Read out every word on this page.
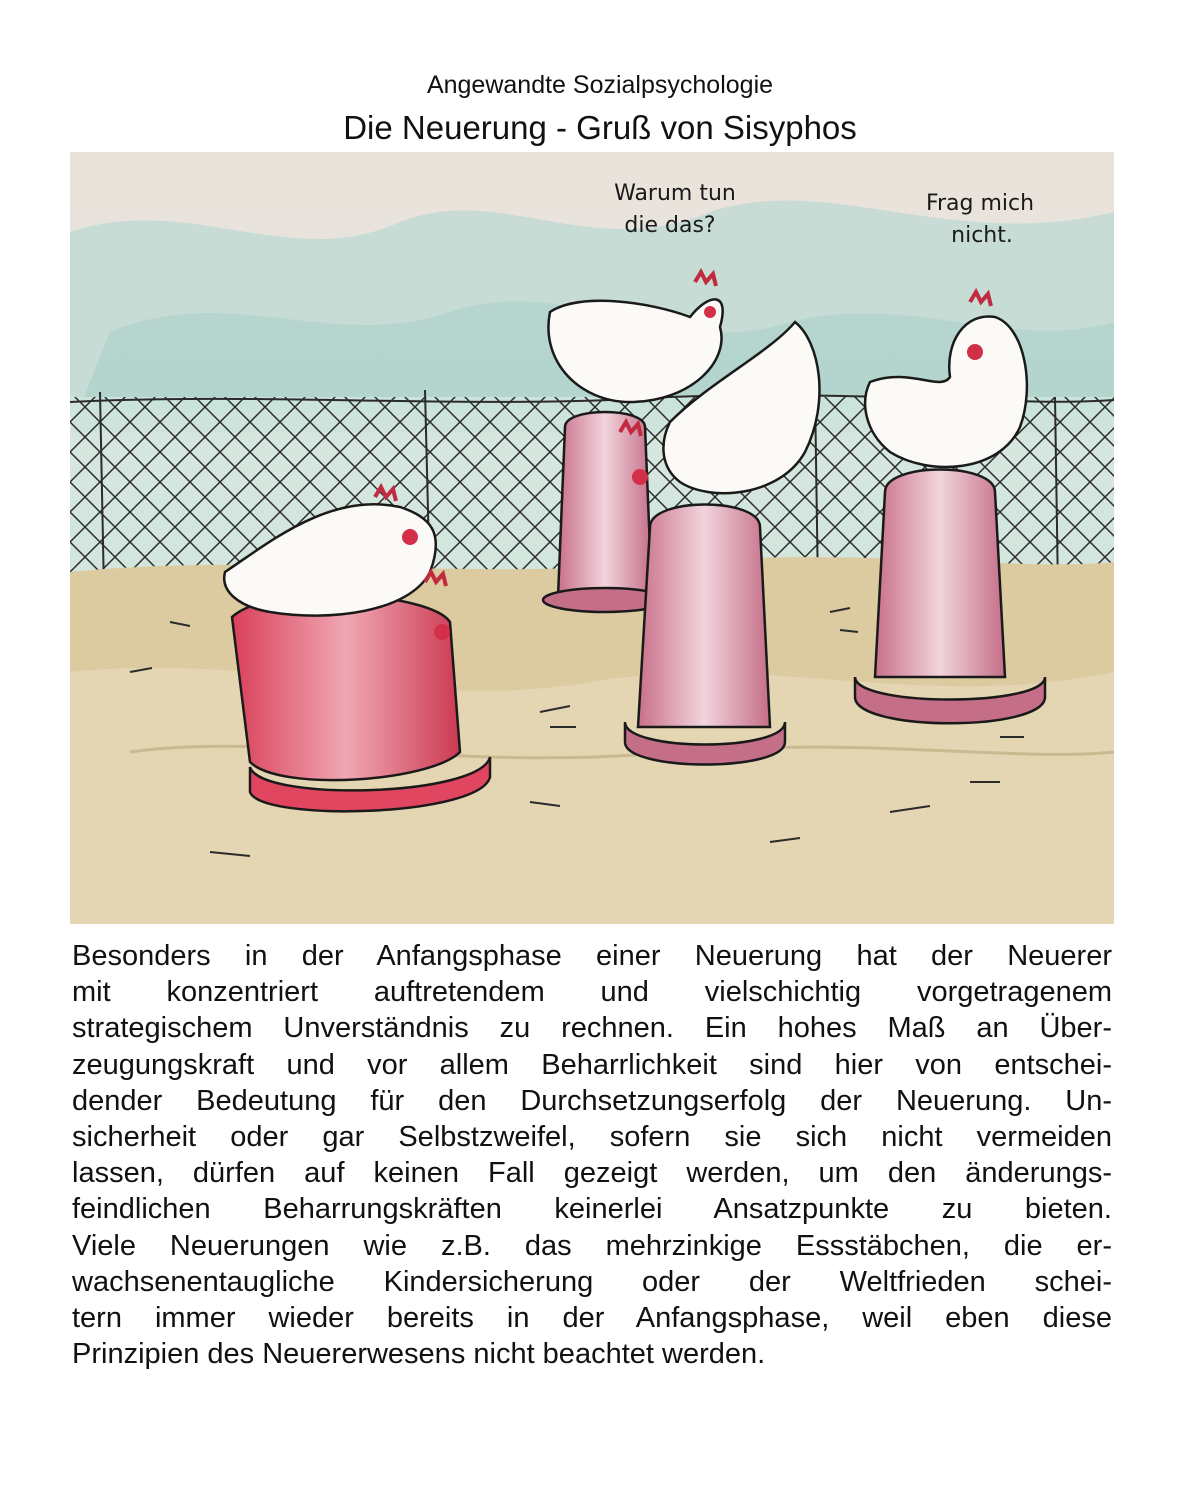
Angewandte Sozialpsychologie
Die Neuerung - Gruß von Sisyphos
Warum tun
die das?
Frag mich
nicht.
Besonders in der Anfangsphase einer Neuerung hat der Neuerer
mit konzentriert auftretendem und vielschichtig vorgetragenem
strategischem Unverständnis zu rechnen. Ein hohes Maß an Über-
zeugungskraft und vor allem Beharrlichkeit sind hier von entschei-
dender Bedeutung für den Durchsetzungserfolg der Neuerung. Un-
sicherheit oder gar Selbstzweifel, sofern sie sich nicht vermeiden
lassen, dürfen auf keinen Fall gezeigt werden, um den änderungs-
feindlichen Beharrungskräften keinerlei Ansatzpunkte zu bieten.
Viele Neuerungen wie z.B. das mehrzinkige Essstäbchen, die er-
wachsenentaugliche Kindersicherung oder der Weltfrieden schei-
tern immer wieder bereits in der Anfangsphase, weil eben diese
Prinzipien des Neuererwesens nicht beachtet werden.
